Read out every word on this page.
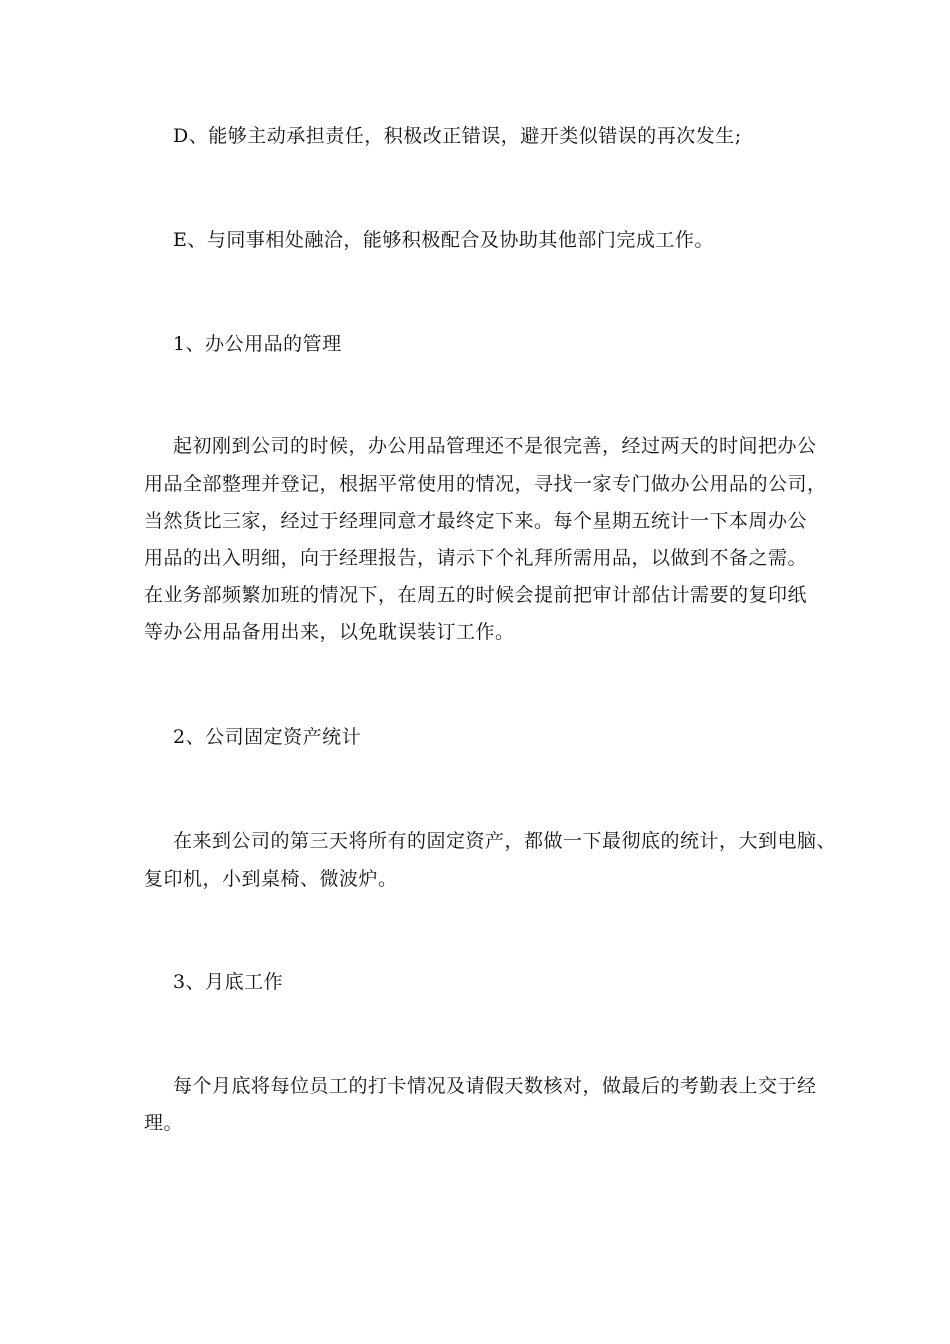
D、能够主动承担责任，积极改正错误，避开类似错误的再次发生;
E、与同事相处融洽，能够积极配合及协助其他部门完成工作。
1、办公用品的管理
起初刚到公司的时候，办公用品管理还不是很完善，经过两天的时间把办公
用品全部整理并登记，根据平常使用的情况，寻找一家专门做办公用品的公司，
当然货比三家，经过于经理同意才最终定下来。每个星期五统计一下本周办公
用品的出入明细，向于经理报告，请示下个礼拜所需用品，以做到不备之需。
在业务部频繁加班的情况下，在周五的时候会提前把审计部估计需要的复印纸
等办公用品备用出来，以免耽误装订工作。
2、公司固定资产统计
在来到公司的第三天将所有的固定资产，都做一下最彻底的统计，大到电脑、
复印机，小到桌椅、微波炉。
3、月底工作
每个月底将每位员工的打卡情况及请假天数核对，做最后的考勤表上交于经
理。
